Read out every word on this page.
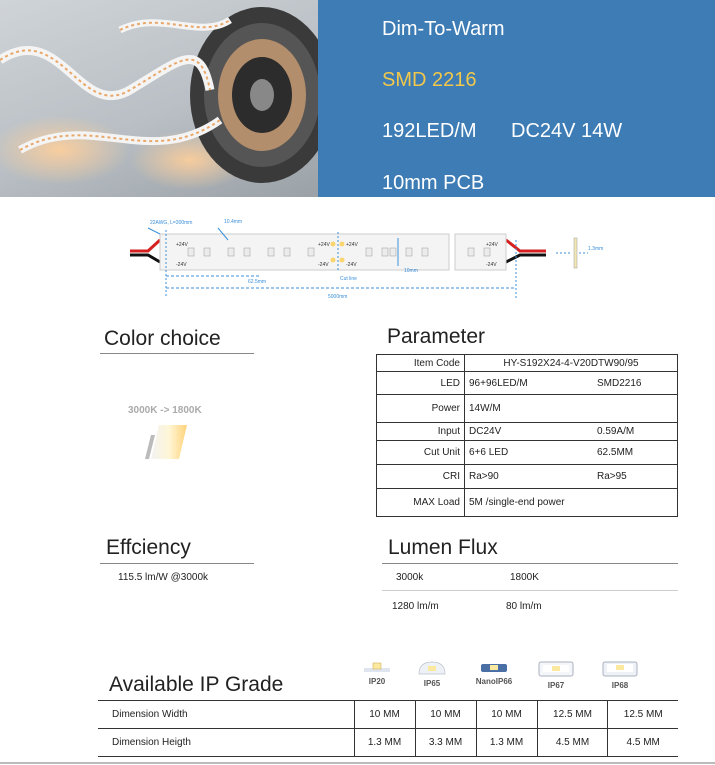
Dim-To-Warm
SMD 2216
192LED/M DC24V 14W
10mm PCB
22AWG, L=300mm	10.4mm
Cut line
10mm
62.5mm
5000mm
1.3mm
+24V
-24V
+24V
-24V
+24V
-24V
+24V
-24V
Color choice
3000K -> 1800K
Parameter
Item Code	HY-S192X24-4-V20DTW90/95
LED	96+96LED/M SMD2216
Power	14W/M
Input	DC24V 0.59A/M
Cut Unit	6+6 LED 62.5MM
CRI	Ra>90 Ra>95
MAX Load	5M /single-end power
Effciency
115.5 lm/W @3000k
Lumen Flux
3000k	1800K
1280 lm/m	80 lm/m
Available IP Grade	IP20	IP65	NanoIP66	IP67	IP68
Dimension Width	10 MM	10 MM	10 MM	12.5 MM	12.5 MM
Dimension Heigth	1.3 MM	3.3 MM	1.3 MM	4.5 MM	4.5 MM
